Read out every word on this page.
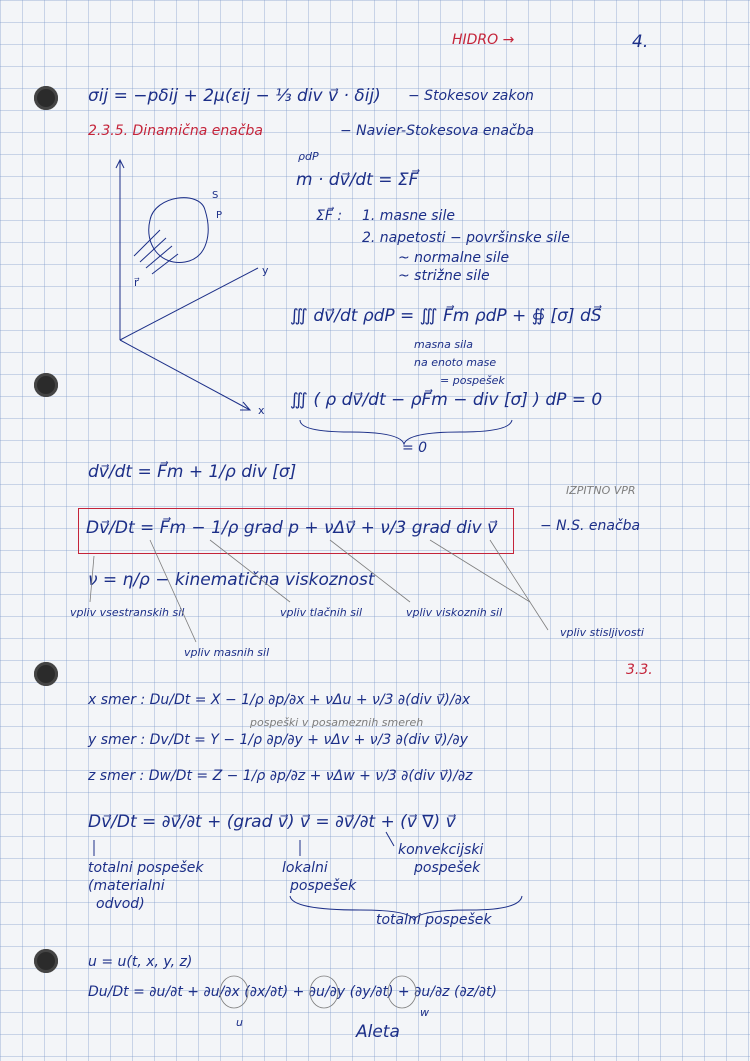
HIDRO →	4.
σij = −pδij + 2μ(εij − ⅓ div v⃗ · δij) − Stokesov zakon
2.3.5. Dinamična enačba	− Navier-Stokesova enačba
ρdP
m · dv⃗/dt = ΣF⃗
ΣF⃗ : 1. masne sile
2. napetosti − površinske sile
~ normalne sile
~ strižne sile
∭ dv⃗/dt ρdP = ∭ F⃗m ρdP + ∯ [σ] dS⃗
masna sila
na enoto mase
= pospešek
∭ ( ρ dv⃗/dt − ρF⃗m − div [σ] ) dP = 0
= 0
dv⃗/dt = F⃗m + 1/ρ div [σ]
IZPITNO VPR
Dv⃗/Dt = F⃗m − 1/ρ grad p + νΔv⃗ + ν/3 grad div v⃗	− N.S. enačba
ν = η/ρ − kinematična viskoznost
vpliv vsestranskih sil
vpliv masnih sil
vpliv tlačnih sil	vpliv viskoznih sil
vpliv stisljivosti
3.3.
x smer : Du/Dt = X − 1/ρ ∂p/∂x + νΔu + ν/3 ∂(div v⃗)/∂x
pospeški v posameznih smereh
y smer : Dv/Dt = Y − 1/ρ ∂p/∂y + νΔv + ν/3 ∂(div v⃗)/∂y
z smer : Dw/Dt = Z − 1/ρ ∂p/∂z + νΔw + ν/3 ∂(div v⃗)/∂z
Dv⃗/Dt = ∂v⃗/∂t + (grad v⃗) v⃗ = ∂v⃗/∂t + (v⃗ ∇) v⃗
totalni pospešek
(materialni
odvod)
lokalni
pospešek
konvekcijski
pospešek
totalni pospešek
u = u(t, x, y, z)
Du/Dt = ∂u/∂t + ∂u/∂x (∂x/∂t) + ∂u/∂y (∂y/∂t) + ∂u/∂z (∂z/∂t)
u
w
Aleta
y
x
S
P
r⃗
